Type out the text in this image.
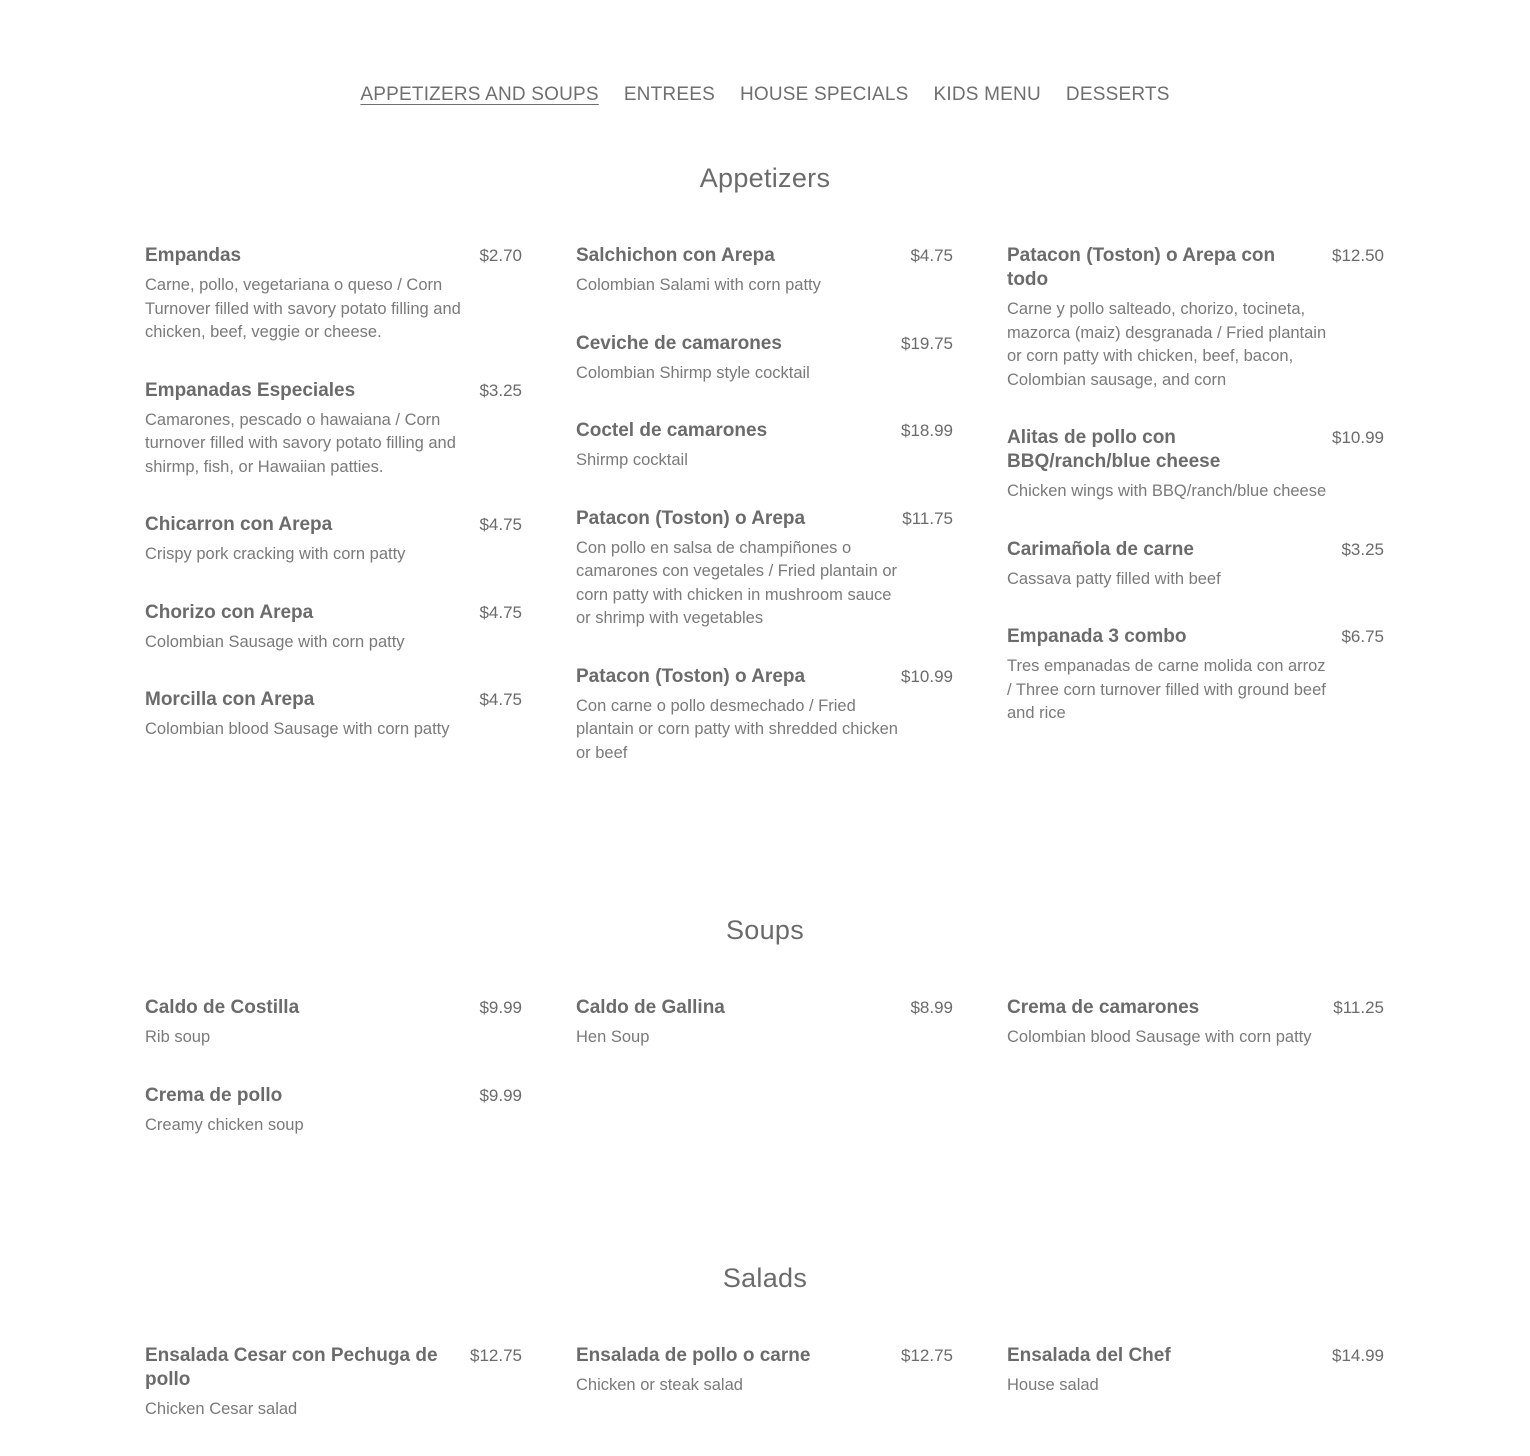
APPETIZERS AND SOUPS ENTREES HOUSE SPECIALS KIDS MENU DESSERTS
Appetizers
Empandas	$2.70
Carne, pollo, vegetariana o queso / Corn Turnover filled with savory potato filling and chicken, beef, veggie or cheese.
Empanadas Especiales	$3.25
Camarones, pescado o hawaiana / Corn turnover filled with savory potato filling and shirmp, fish, or Hawaiian patties.
Chicarron con Arepa	$4.75
Crispy pork cracking with corn patty
Chorizo con Arepa	$4.75
Colombian Sausage with corn patty
Morcilla con Arepa	$4.75
Colombian blood Sausage with corn patty
Salchichon con Arepa	$4.75
Colombian Salami with corn patty
Ceviche de camarones	$19.75
Colombian Shirmp style cocktail
Coctel de camarones	$18.99
Shirmp cocktail
Patacon (Toston) o Arepa	$11.75
Con pollo en salsa de champiñones o camarones con vegetales / Fried plantain or corn patty with chicken in mushroom sauce or shrimp with vegetables
Patacon (Toston) o Arepa	$10.99
Con carne o pollo desmechado / Fried plantain or corn patty with shredded chicken or beef
Patacon (Toston) o Arepa con todo
$12.50
Carne y pollo salteado, chorizo, tocineta, mazorca (maiz) desgranada / Fried plantain or corn patty with chicken, beef, bacon, Colombian sausage, and corn
Alitas de pollo con BBQ/ranch/blue cheese
$10.99
Chicken wings with BBQ/ranch/blue cheese
Carimañola de carne	$3.25
Cassava patty filled with beef
Empanada 3 combo	$6.75
Tres empanadas de carne molida con arroz / Three corn turnover filled with ground beef and rice
Soups
Caldo de Costilla	$9.99
Rib soup
Crema de pollo	$9.99
Creamy chicken soup
Caldo de Gallina	$8.99
Hen Soup
Crema de camarones	$11.25
Colombian blood Sausage with corn patty
Salads
Ensalada Cesar con Pechuga de pollo
$12.75
Chicken Cesar salad
Ensalada de pollo o carne	$12.75
Chicken or steak salad
Ensalada del Chef	$14.99
House salad
